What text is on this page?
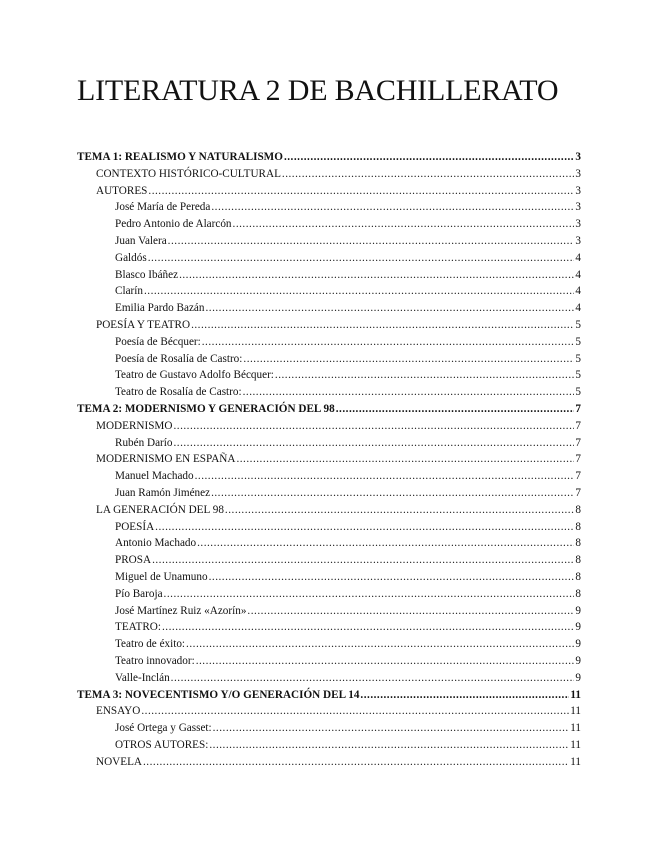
LITERATURA 2 DE BACHILLERATO
TEMA 1: REALISMO Y NATURALISMO .....	3
CONTEXTO HISTÓRICO-CULTURAL .....	3
AUTORES .....	3
José María de Pereda .....	3
Pedro Antonio de Alarcón .....	3
Juan Valera .....	3
Galdós .....	4
Blasco Ibáñez .....	4
Clarín .....	4
Emilia Pardo Bazán .....	4
POESÍA Y TEATRO .....	5
Poesía de Bécquer: .....	5
Poesía de Rosalía de Castro: .....	5
Teatro de Gustavo Adolfo Bécquer: .....	5
Teatro de Rosalía de Castro: .....	5
TEMA 2: MODERNISMO Y GENERACIÓN DEL 98 .....	7
MODERNISMO .....	7
Rubén Darío .....	7
MODERNISMO EN ESPAÑA .....	7
Manuel Machado .....	7
Juan Ramón Jiménez .....	7
LA GENERACIÓN DEL 98 .....	8
POESÍA .....	8
Antonio Machado .....	8
PROSA .....	8
Miguel de Unamuno .....	8
Pío Baroja .....	8
José Martínez Ruiz «Azorín» .....	9
TEATRO: .....	9
Teatro de éxito: .....	9
Teatro innovador: .....	9
Valle-Inclán .....	9
TEMA 3: NOVECENTISMO Y/O GENERACIÓN DEL 14 .....	11
ENSAYO .....	11
José Ortega y Gasset: .....	11
OTROS AUTORES: .....	11
NOVELA .....	11
